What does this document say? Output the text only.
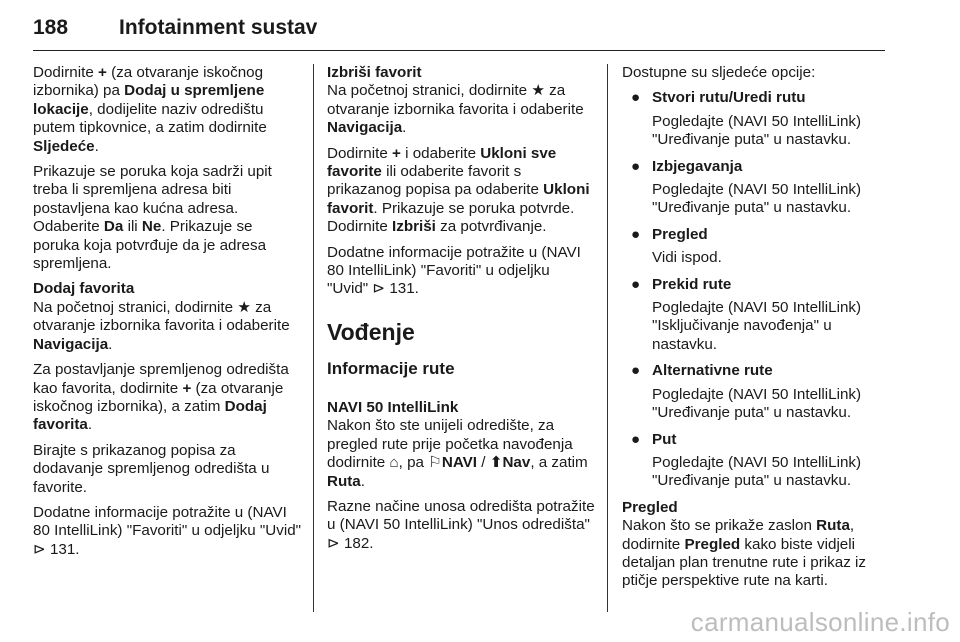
188 Infotainment sustav

Dodirnite + (za otvaranje iskočnog izbornika) pa Dodaj u spremljene lokacije, dodijelite naziv odredištu putem tipkovnice, a zatim dodirnite Sljedeće.

Prikazuje se poruka koja sadrži upit treba li spremljena adresa biti postavljena kao kućna adresa. Odaberite Da ili Ne. Prikazuje se poruka koja potvrđuje da je adresa spremljena.

Dodaj favorita

Na početnoj stranici, dodirnite ★ za otvaranje izbornika favorita i odaberite Navigacija.

Za postavljanje spremljenog odredišta kao favorita, dodirnite + (za otvaranje iskočnog izbornika), a zatim Dodaj favorita.

Birajte s prikazanog popisa za dodavanje spremljenog odredišta u favorite.

Dodatne informacije potražite u (NAVI 80 IntelliLink) "Favoriti" u odjeljku "Uvid" ⊳ 131.

Izbriši favorit

Na početnoj stranici, dodirnite ★ za otvaranje izbornika favorita i odaberite Navigacija.

Dodirnite + i odaberite Ukloni sve favorite ili odaberite favorit s prikazanog popisa pa odaberite Ukloni favorit. Prikazuje se poruka potvrde. Dodirnite Izbriši za potvrđivanje.

Dodatne informacije potražite u (NAVI 80 IntelliLink) "Favoriti" u odjeljku "Uvid" ⊳ 131.

Vođenje
Informacije rute

NAVI 50 IntelliLink

Nakon što ste unijeli odredište, za pregled rute prije početka navođenja dodirnite ⌂, pa ⚐NAVI / ⬆Nav, a zatim Ruta.

Razne načine unosa odredišta potražite u (NAVI 50 IntelliLink) "Unos odredišta" ⊳ 182.

Dostupne su sljedeće opcije:

● Stvori rutu/Uredi rutu
Pogledajte (NAVI 50 IntelliLink) "Uređivanje puta" u nastavku.
● Izbjegavanja
Pogledajte (NAVI 50 IntelliLink) "Uređivanje puta" u nastavku.
● Pregled
Vidi ispod.
● Prekid rute
Pogledajte (NAVI 50 IntelliLink) "Isključivanje navođenja" u nastavku.
● Alternativne rute
Pogledajte (NAVI 50 IntelliLink) "Uređivanje puta" u nastavku.
● Put
Pogledajte (NAVI 50 IntelliLink) "Uređivanje puta" u nastavku.

Pregled

Nakon što se prikaže zaslon Ruta, dodirnite Pregled kako biste vidjeli detaljan plan trenutne rute i prikaz iz ptičje perspektive rute na karti.

carmanualsonline.info
